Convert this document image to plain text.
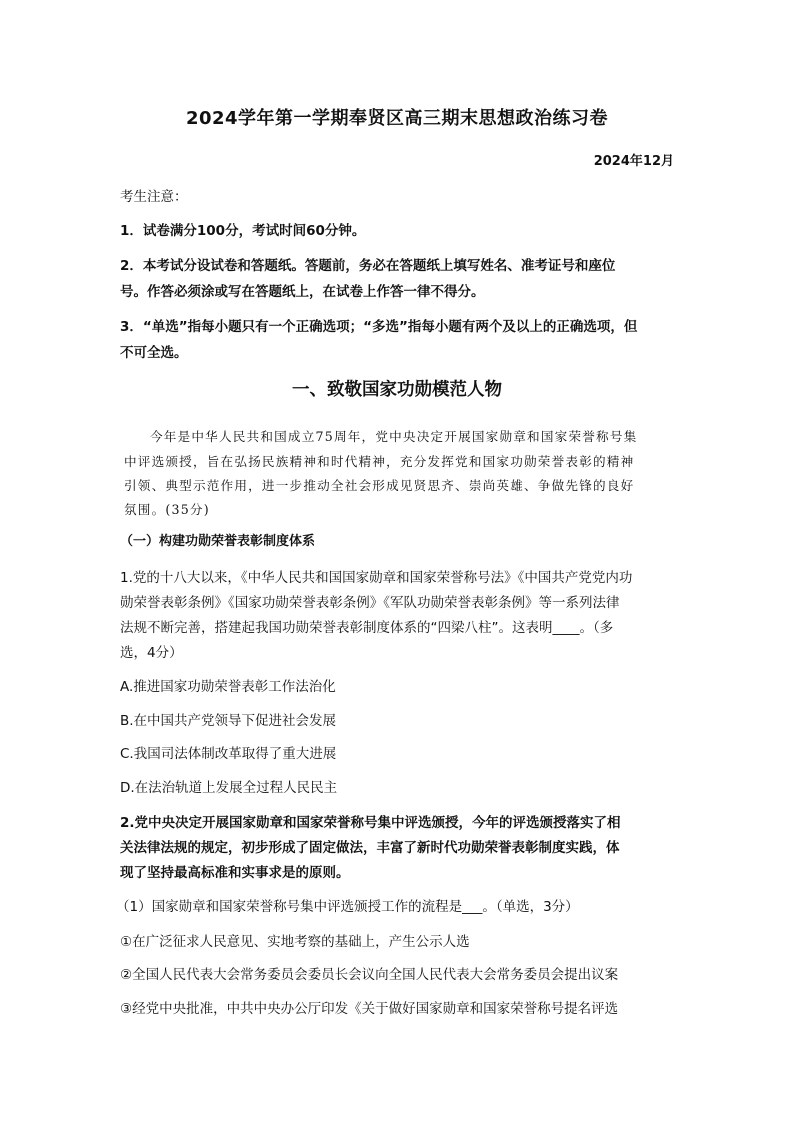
2024学年第一学期奉贤区高三期末思想政治练习卷
2024年12月
考生注意：
1．试卷满分100分，考试时间60分钟。
2．本考试分设试卷和答题纸。答题前，务必在答题纸上填写姓名、准考证号和座位
号。作答必须涂或写在答题纸上，在试卷上作答一律不得分。
3．“单选”指每小题只有一个正确选项；“多选”指每小题有两个及以上的正确选项，但
不可全选。
一、致敬国家功勋模范人物
今年是中华人民共和国成立75周年，党中央决定开展国家勋章和国家荣誉称号集
中评选颁授，旨在弘扬民族精神和时代精神，充分发挥党和国家功勋荣誉表彰的精神
引领、典型示范作用，进一步推动全社会形成见贤思齐、崇尚英雄、争做先锋的良好
氛围。(35分)
（一）构建功勋荣誉表彰制度体系
1.党的十八大以来，《中华人民共和国国家勋章和国家荣誉称号法》《中国共产党党内功
勋荣誉表彰条例》《国家功勋荣誉表彰条例》《军队功勋荣誉表彰条例》等一系列法律
法规不断完善，搭建起我国功勋荣誉表彰制度体系的“四梁八柱”。这表明____。（多
选，4分）
A.推进国家功勋荣誉表彰工作法治化
B.在中国共产党领导下促进社会发展
C.我国司法体制改革取得了重大进展
D.在法治轨道上发展全过程人民民主
2.党中央决定开展国家勋章和国家荣誉称号集中评选颁授，今年的评选颁授落实了相
关法律法规的规定，初步形成了固定做法，丰富了新时代功勋荣誉表彰制度实践，体
现了坚持最高标准和实事求是的原则。
（1）国家勋章和国家荣誉称号集中评选颁授工作的流程是___。（单选，3分）
①在广泛征求人民意见、实地考察的基础上，产生公示人选
②全国人民代表大会常务委员会委员长会议向全国人民代表大会常务委员会提出议案
③经党中央批准，中共中央办公厅印发《关于做好国家勋章和国家荣誉称号提名评选
